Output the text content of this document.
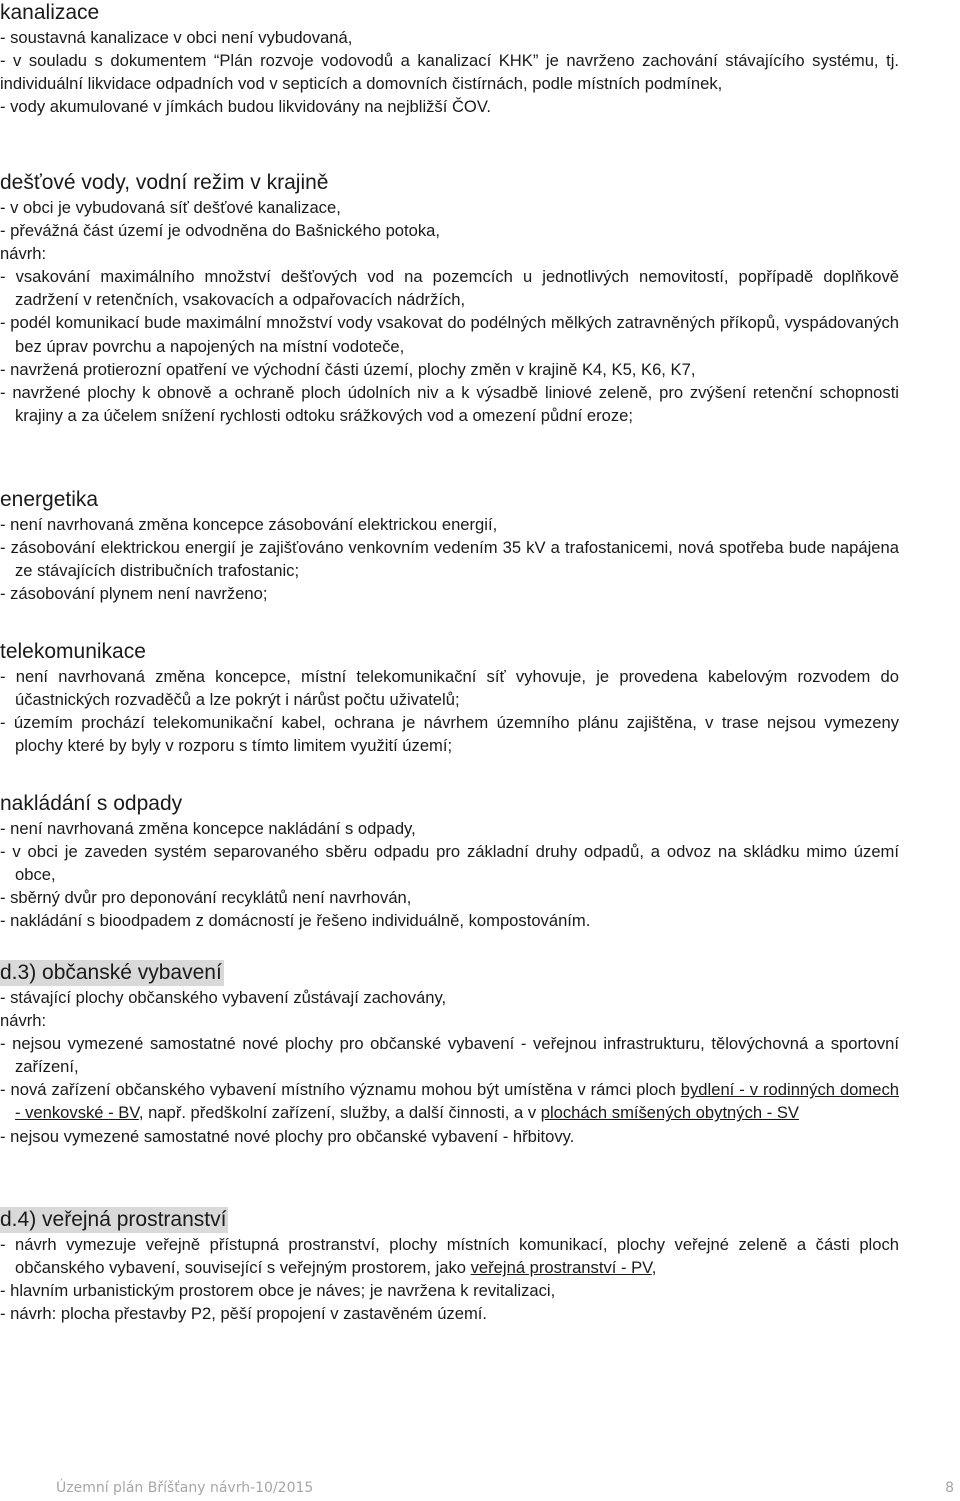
kanalizace

- soustavná kanalizace v obci není vybudovaná,

- v souladu s dokumentem “Plán rozvoje vodovodů a kanalizací KHK” je navrženo zachování stávajícího systému, tj. individuální likvidace odpadních vod v septicích a domovních čistírnách, podle místních podmínek,

- vody akumulované v jímkách budou likvidovány na nejbližší ČOV.

dešťové vody, vodní režim v krajině

- v obci je vybudovaná síť dešťové kanalizace,

- převážná část území je odvodněna do Bašnického potoka,

návrh:

- vsakování maximálního množství dešťových vod na pozemcích u jednotlivých nemovitostí, popřípadě doplňkově zadržení v retenčních, vsakovacích a odpařovacích nádržích,

- podél komunikací bude maximální množství vody vsakovat do podélných mělkých zatravněných příkopů, vyspádovaných bez úprav povrchu a napojených na místní vodoteče,

- navržená protierozní opatření ve východní části území, plochy změn v krajině K4, K5, K6, K7,

- navržené plochy k obnově a ochraně ploch údolních niv a k výsadbě liniové zeleně, pro zvýšení retenční schopnosti krajiny a za účelem snížení rychlosti odtoku srážkových vod a omezení půdní eroze;

energetika

- není navrhovaná změna koncepce zásobování elektrickou energií,

- zásobování elektrickou energií je zajišťováno venkovním vedením 35 kV a trafostanicemi, nová spotřeba bude napájena ze stávajících distribučních trafostanic;

- zásobování plynem není navrženo;

telekomunikace

- není navrhovaná změna koncepce, místní telekomunikační síť vyhovuje, je provedena kabelovým rozvodem do účastnických rozvaděčů a lze pokrýt i nárůst počtu uživatelů;

- územím prochází telekomunikační kabel, ochrana je návrhem územního plánu zajištěna, v trase nejsou vymezeny plochy které by byly v rozporu s tímto limitem využití území;

nakládání s odpady

- není navrhovaná změna koncepce nakládání s odpady,

- v obci je zaveden systém separovaného sběru odpadu pro základní druhy odpadů, a odvoz na skládku mimo území obce,

- sběrný dvůr pro deponování recyklátů není navrhován,

- nakládání s bioodpadem z domácností je řešeno individuálně, kompostováním.

d.3) občanské vybavení

- stávající plochy občanského vybavení zůstávají zachovány,

návrh:

- nejsou vymezené samostatné nové plochy pro občanské vybavení - veřejnou infrastrukturu, tělovýchovná a sportovní zařízení,

- nová zařízení občanského vybavení místního významu mohou být umístěna v rámci ploch bydlení - v rodinných domech - venkovské - BV, např. předškolní zařízení, služby, a další činnosti, a v plochách smíšených obytných - SV

- nejsou vymezené samostatné nové plochy pro občanské vybavení - hřbitovy.

d.4) veřejná prostranství

- návrh vymezuje veřejně přístupná prostranství, plochy místních komunikací, plochy veřejné zeleně a části ploch občanského vybavení, související s veřejným prostorem, jako veřejná prostranství - PV,

- hlavním urbanistickým prostorem obce je náves; je navržena k revitalizaci,

- návrh: plocha přestavby P2, pěší propojení v zastavěném území.

Územní plán Bříšťany návrh-10/2015	8
